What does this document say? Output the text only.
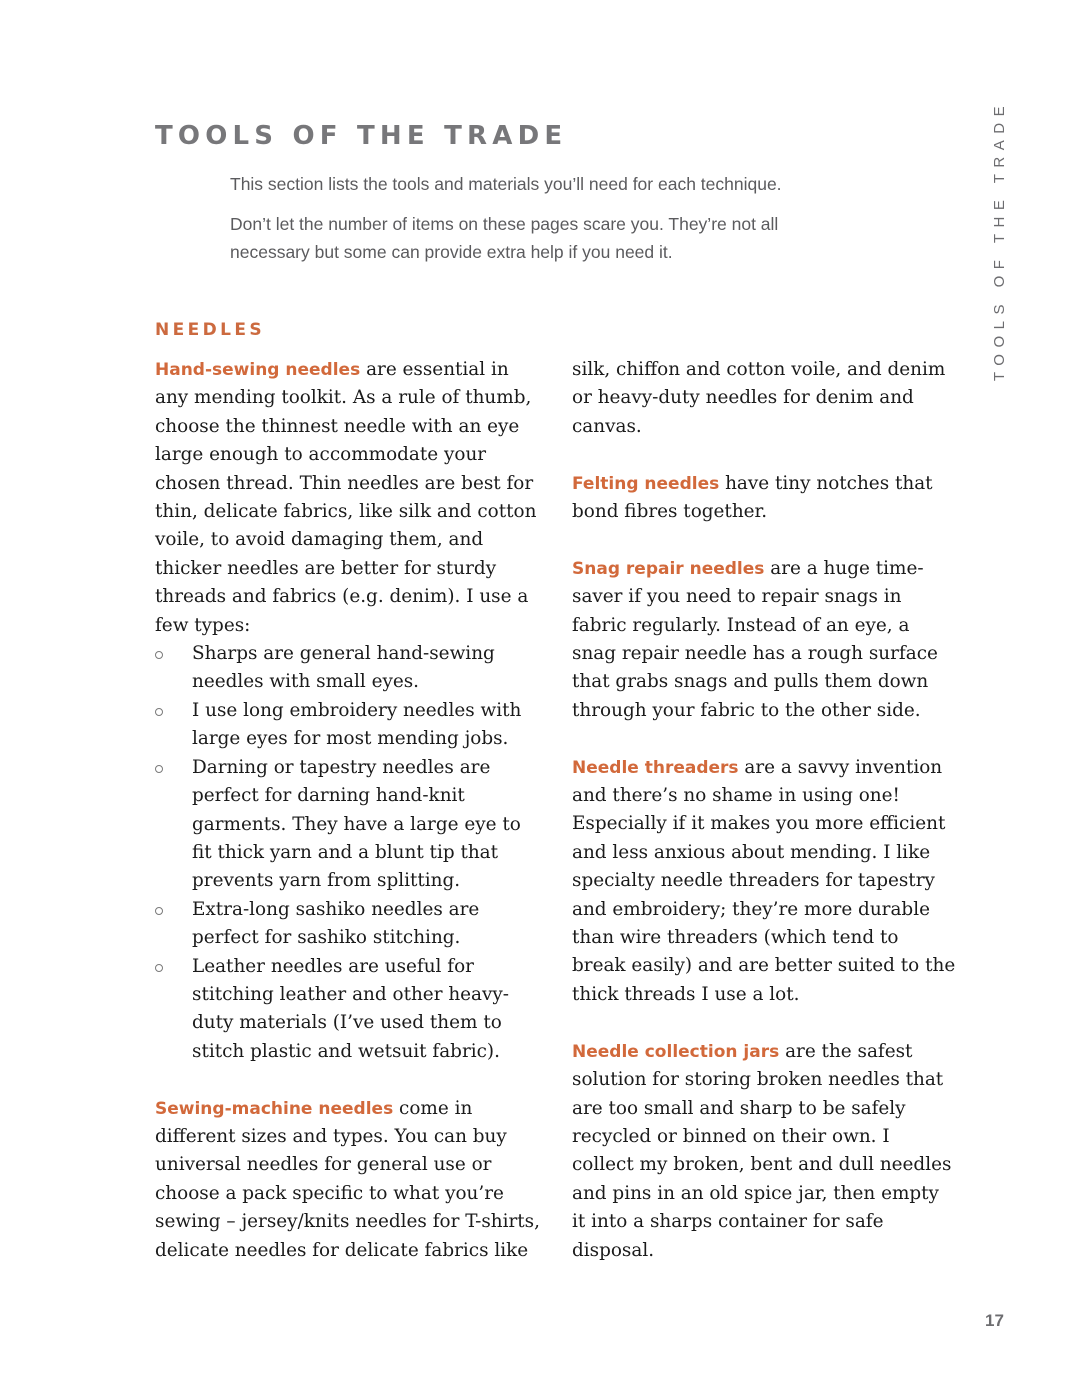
TOOLS OF THE TRADE

This section lists the tools and materials you’ll need for each technique.

Don’t let the number of items on these pages scare you. They’re not all necessary but some can provide extra help if you need it.	TOOLS OF THE TRADE
NEEDLES

Hand-sewing needles are essential in any mending toolkit. As a rule of thumb, choose the thinnest needle with an eye large enough to accommodate your chosen thread. Thin needles are best for thin, delicate fabrics, like silk and cotton voile, to avoid damaging them, and thicker needles are better for sturdy threads and fabrics (e.g. denim). I use a few types:

Sharps are general hand-sewing needles with small eyes.
I use long embroidery needles with large eyes for most mending jobs.
Darning or tapestry needles are perfect for darning hand-knit garments. They have a large eye to fit thick yarn and a blunt tip that prevents yarn from splitting.
Extra-long sashiko needles are perfect for sashiko stitching.
Leather needles are useful for stitching leather and other heavy-duty materials (I’ve used them to stitch plastic and wetsuit fabric).

Sewing-machine needles come in different sizes and types. You can buy universal needles for general use or choose a pack specific to what you’re sewing – jersey/knits needles for T-shirts, delicate needles for delicate fabrics like

silk, chiffon and cotton voile, and denim or heavy-duty needles for denim and canvas.

Felting needles have tiny notches that bond fibres together.

Snag repair needles are a huge time-saver if you need to repair snags in fabric regularly. Instead of an eye, a snag repair needle has a rough surface that grabs snags and pulls them down through your fabric to the other side.

Needle threaders are a savvy invention and there’s no shame in using one! Especially if it makes you more efficient and less anxious about mending. I like specialty needle threaders for tapestry and embroidery; they’re more durable than wire threaders (which tend to break easily) and are better suited to the thick threads I use a lot.

Needle collection jars are the safest solution for storing broken needles that are too small and sharp to be safely recycled or binned on their own. I collect my broken, bent and dull needles and pins in an old spice jar, then empty it into a sharps container for safe disposal.

17
